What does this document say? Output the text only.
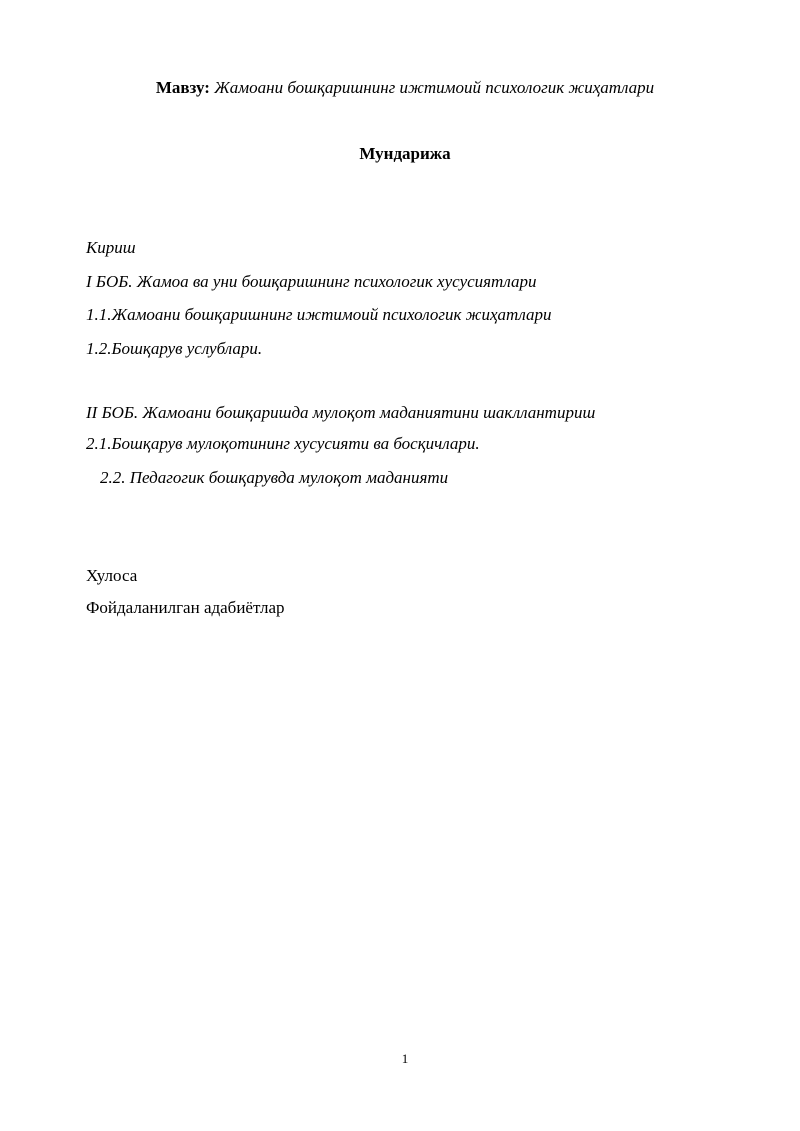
Мавзу: Жамоани бошқаришнинг ижтимоий психологик жиҳатлари
Мундарижа
Кириш
I БОБ. Жамоа ва уни бошқаришнинг психологик хусусиятлари
1.1.Жамоани бошқаришнинг ижтимоий психологик жиҳатлари
1.2.Бошқарув услублари.
II БОБ. Жамоани бошқаришда мулоқот маданиятини шакллантириш
2.1.Бошқарув мулоқотининг хусусияти ва босқичлари.
2.2. Педагогик бошқарувда мулоқот маданияти
Хулоса
Фойдаланилган адабиётлар
1
